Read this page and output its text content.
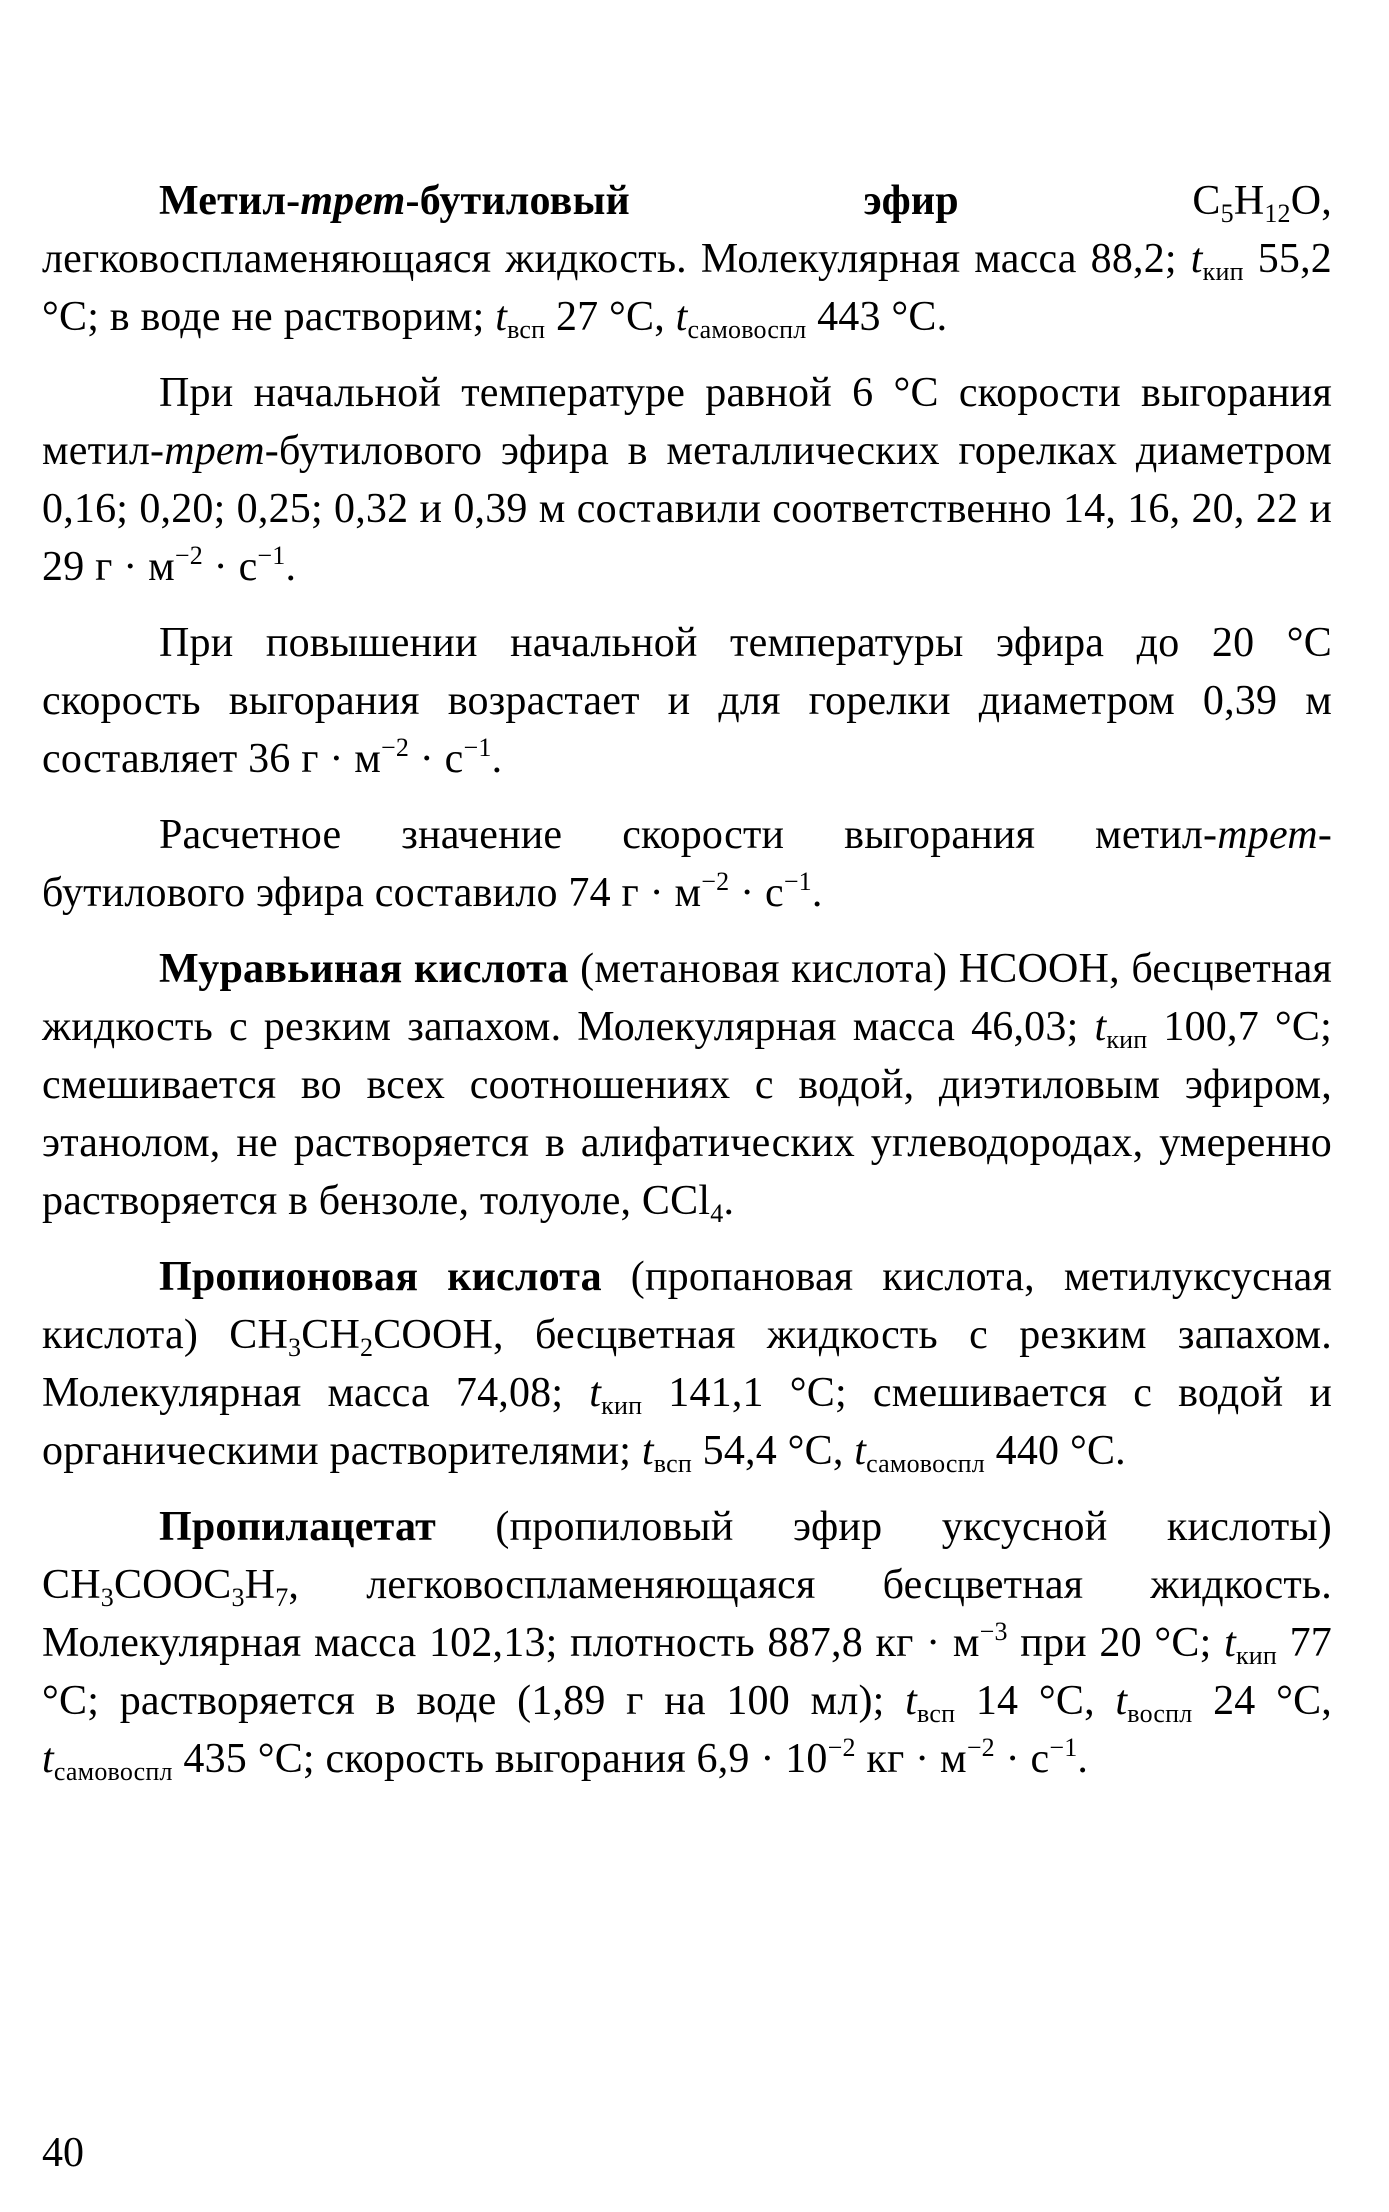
Метил-трет-бутиловый эфир $C_5H_{12}O$, легковоспламеняющаяся жидкость. Молекулярная масса 88,2; $t_{кип}$ 55,2 °С; в воде не растворим; $t_{всп}$ 27 °С, $t_{самовоспл}$ 443 °С.

При начальной температуре равной 6 °С скорости выгорания метил-трет-бутилового эфира в металлических горелках диаметром 0,16; 0,20; 0,25; 0,32 и 0,39 м составили соответственно 14, 16, 20, 22 и 29 $г \cdot м^{-2} \cdot с^{-1}$.

При повышении начальной температуры эфира до 20 °С скорость выгорания возрастает и для горелки диаметром 0,39 м составляет 36 $г \cdot м^{-2} \cdot с^{-1}$.

Расчетное значение скорости выгорания метил-трет-бутилового эфира составило 74 $г \cdot м^{-2} \cdot с^{-1}$.

Муравьиная кислота (метановая кислота) HCOOH, бесцветная жидкость с резким запахом. Молекулярная масса 46,03; $t_{кип}$ 100,7 °С; смешивается во всех соотношениях с водой, диэтиловым эфиром, этанолом, не растворяется в алифатических углеводородах, умеренно растворяется в бензоле, толуоле, CCl$_4$.

Пропионовая кислота (пропановая кислота, метилуксусная кислота) $CH_3CH_2COOH$, бесцветная жидкость с резким запахом. Молекулярная масса 74,08; $t_{кип}$ 141,1 °С; смешивается с водой и органическими растворителями; $t_{всп}$ 54,4 °С, $t_{самовоспл}$ 440 °С.

Пропилацетат (пропиловый эфир уксусной кислоты) $CH_3COOC_3H_7$, легковоспламеняющаяся бесцветная жидкость. Молекулярная масса 102,13; плотность 887,8 кг · $м^{-3}$ при 20 °С; $t_{кип}$ 77 °С; растворяется в воде (1,89 г на 100 мл); $t_{всп}$ 14 °С, $t_{воспл}$ 24 °С, $t_{самовоспл}$ 435 °С; скорость выгорания $6,9 \cdot 10^{-2}$ кг · $м^{-2} \cdot с^{-1}$.

40
